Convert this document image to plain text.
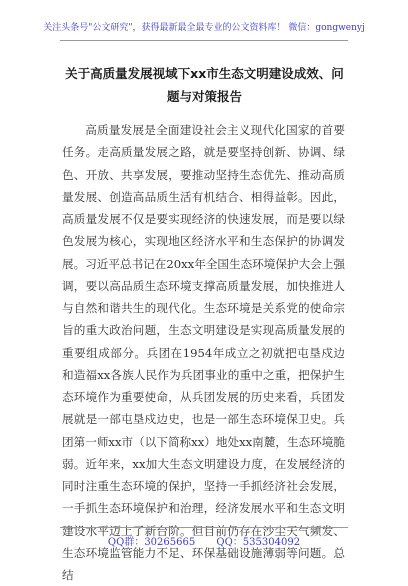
关注头条号"公文研究"，获得最新最全最专业的公文资料库！ 微信：gongwenyj
关于高质量发展视域下xx市生态文明建设成效、问题与对策报告

高质量发展是全面建设社会主义现代化国家的首要任务。走高质量发展之路，就是要坚持创新、协调、绿色、开放、共享发展，要推动坚持生态优先、推动高质量发展、创造高品质生活有机结合、相得益彰。因此，高质量发展不仅是要实现经济的快速发展，而是要以绿色发展为核心，实现地区经济水平和生态保护的协调发展。习近平总书记在20xx年全国生态环境保护大会上强调，要以高品质生态环境支撑高质量发展，加快推进人与自然和谐共生的现代化。生态环境是关系党的使命宗旨的重大政治问题，生态文明建设是实现高质量发展的重要组成部分。兵团在1954年成立之初就把屯垦戍边和造福xx各族人民作为兵团事业的重中之重，把保护生态环境作为重要使命，从兵团发展的历史来看，兵团发展就是一部屯垦戍边史，也是一部生态环境保卫史。兵团第一师xx市（以下简称xx）地处xx南麓，生态环境脆弱。近年来，xx加大生态文明建设力度，在发展经济的同时注重生态环境的保护，坚持一手抓经济社会发展，一手抓生态环境保护和治理，经济发展水平和生态文明建设水平迈上了新台阶。但目前仍存在沙尘天气频发、生态环境监管能力不足、环保基础设施薄弱等问题。总结

QQ群：30265665 QQ：535304092
